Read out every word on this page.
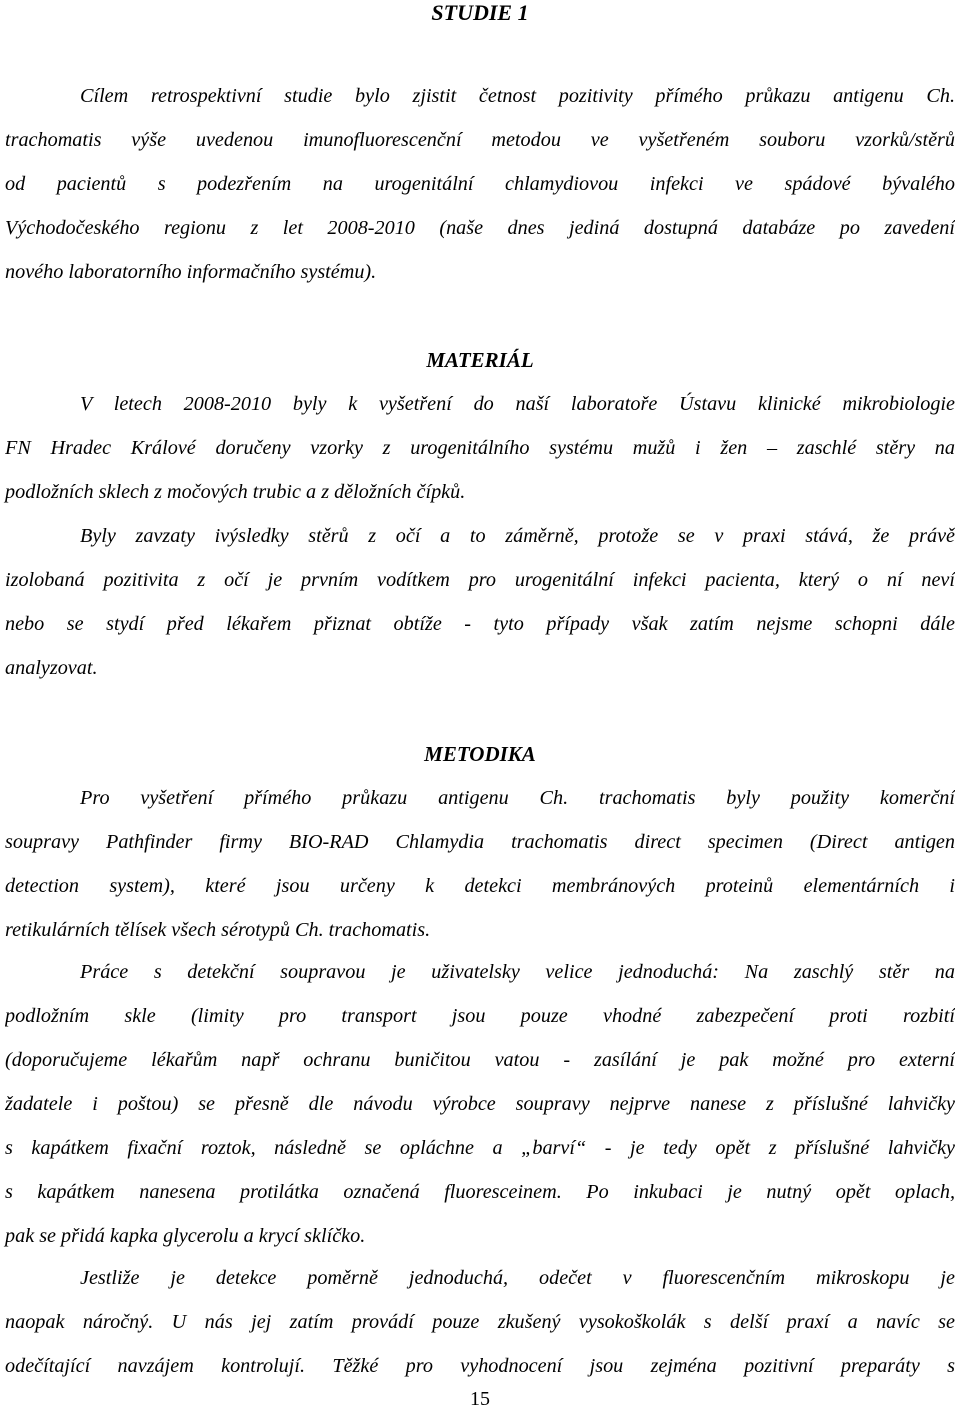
STUDIE 1
Cílem retrospektivní studie bylo zjistit četnost pozitivity přímého průkazu antigenu Ch.
trachomatis výše uvedenou imunofluorescenční metodou ve vyšetřeném souboru vzorků/stěrů
od pacientů s podezřením na urogenitální chlamydiovou infekci ve spádové bývalého
Východočeského regionu z let 2008-2010 (naše dnes jediná dostupná databáze po zavedení
nového laboratorního informačního systému).
MATERIÁL
V letech 2008-2010 byly k vyšetření do naší laboratoře Ústavu klinické mikrobiologie
FN Hradec Králové doručeny vzorky z urogenitálního systému mužů i žen – zaschlé stěry na
podložních sklech z močových trubic a z děložních čípků.
Byly zavzaty ivýsledky stěrů z očí a to záměrně, protože se v praxi stává, že právě
izolobaná pozitivita z očí je prvním vodítkem pro urogenitální infekci pacienta, který o ní neví
nebo se stydí před lékařem přiznat obtíže - tyto případy však zatím nejsme schopni dále
analyzovat.
METODIKA
Pro vyšetření přímého průkazu antigenu Ch. trachomatis byly použity komerční
soupravy Pathfinder firmy BIO-RAD Chlamydia trachomatis direct specimen (Direct antigen
detection system), které jsou určeny k detekci membránových proteinů elementárních i
retikulárních tělísek všech sérotypů Ch. trachomatis.
Práce s detekční soupravou je uživatelsky velice jednoduchá: Na zaschlý stěr na
podložním skle (limity pro transport jsou pouze vhodné zabezpečení proti rozbití
(doporučujeme lékařům např ochranu buničitou vatou - zasílání je pak možné pro externí
žadatele i poštou) se přesně dle návodu výrobce soupravy nejprve nanese z příslušné lahvičky
s kapátkem fixační roztok, následně se opláchne a „barví“ - je tedy opět z příslušné lahvičky
s kapátkem nanesena protilátka označená fluoresceinem. Po inkubaci je nutný opět oplach,
pak se přidá kapka glycerolu a krycí sklíčko.
Jestliže je detekce poměrně jednoduchá, odečet v fluorescenčním mikroskopu je
naopak náročný. U nás jej zatím provádí pouze zkušený vysokoškolák s delší praxí a navíc se
odečítající navzájem kontrolují. Těžké pro vyhodnocení jsou zejména pozitivní preparáty s
15
